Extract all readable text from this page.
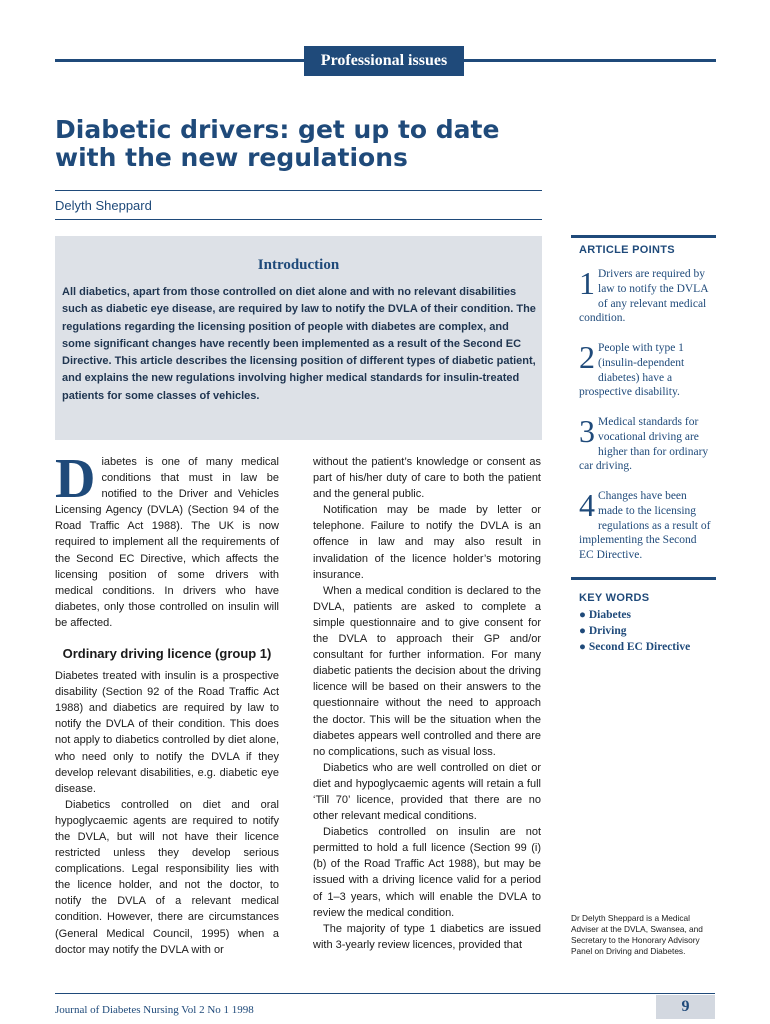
Professional issues
Diabetic drivers: get up to date with the new regulations
Delyth Sheppard
Introduction
All diabetics, apart from those controlled on diet alone and with no relevant disabilities such as diabetic eye disease, are required by law to notify the DVLA of their condition. The regulations regarding the licensing position of people with diabetes are complex, and some significant changes have recently been implemented as a result of the Second EC Directive. This article describes the licensing position of different types of diabetic patient, and explains the new regulations involving higher medical standards for insulin-treated patients for some classes of vehicles.

Diabetes is one of many medical conditions that must in law be notified to the Driver and Vehicles Licensing Agency (DVLA) (Section 94 of the Road Traffic Act 1988). The UK is now required to implement all the requirements of the Second EC Directive, which affects the licensing position of some drivers with medical conditions. In drivers who have diabetes, only those controlled on insulin will be affected.

Ordinary driving licence (group 1)

Diabetes treated with insulin is a prospective disability (Section 92 of the Road Traffic Act 1988) and diabetics are required by law to notify the DVLA of their condition. This does not apply to diabetics controlled by diet alone, who need only to notify the DVLA if they develop relevant disabilities, e.g. diabetic eye disease.

Diabetics controlled on diet and oral hypoglycaemic agents are required to notify the DVLA, but will not have their licence restricted unless they develop serious complications. Legal responsibility lies with the licence holder, and not the doctor, to notify the DVLA of a relevant medical condition. However, there are circumstances (General Medical Council, 1995) when a doctor may notify the DVLA with or

without the patient’s knowledge or consent as part of his/her duty of care to both the patient and the general public.

Notification may be made by letter or telephone. Failure to notify the DVLA is an offence in law and may also result in invalidation of the licence holder’s motoring insurance.

When a medical condition is declared to the DVLA, patients are asked to complete a simple questionnaire and to give consent for the DVLA to approach their GP and/or consultant for further information. For many diabetic patients the decision about the driving licence will be based on their answers to the questionnaire without the need to approach the doctor. This will be the situation when the diabetes appears well controlled and there are no complications, such as visual loss.

Diabetics who are well controlled on diet or diet and hypoglycaemic agents will retain a full ‘Till 70’ licence, provided that there are no other relevant medical conditions.

Diabetics controlled on insulin are not permitted to hold a full licence (Section 99 (i) (b) of the Road Traffic Act 1988), but may be issued with a driving licence valid for a period of 1–3 years, which will enable the DVLA to review the medical condition.

The majority of type 1 diabetics are issued with 3-yearly review licences, provided that

ARTICLE POINTS
1 Drivers are required by law to notify the DVLA of any relevant medical condition.
2 People with type 1 (insulin-dependent diabetes) have a prospective disability.
3 Medical standards for vocational driving are higher than for ordinary car driving.
4 Changes have been made to the licensing regulations as a result of implementing the Second EC Directive.
KEY WORDS
● Diabetes
● Driving
● Second EC Directive
Dr Delyth Sheppard is a Medical Adviser at the DVLA, Swansea, and Secretary to the Honorary Advisory Panel on Driving and Diabetes.
Journal of Diabetes Nursing Vol 2 No 1 1998	9
